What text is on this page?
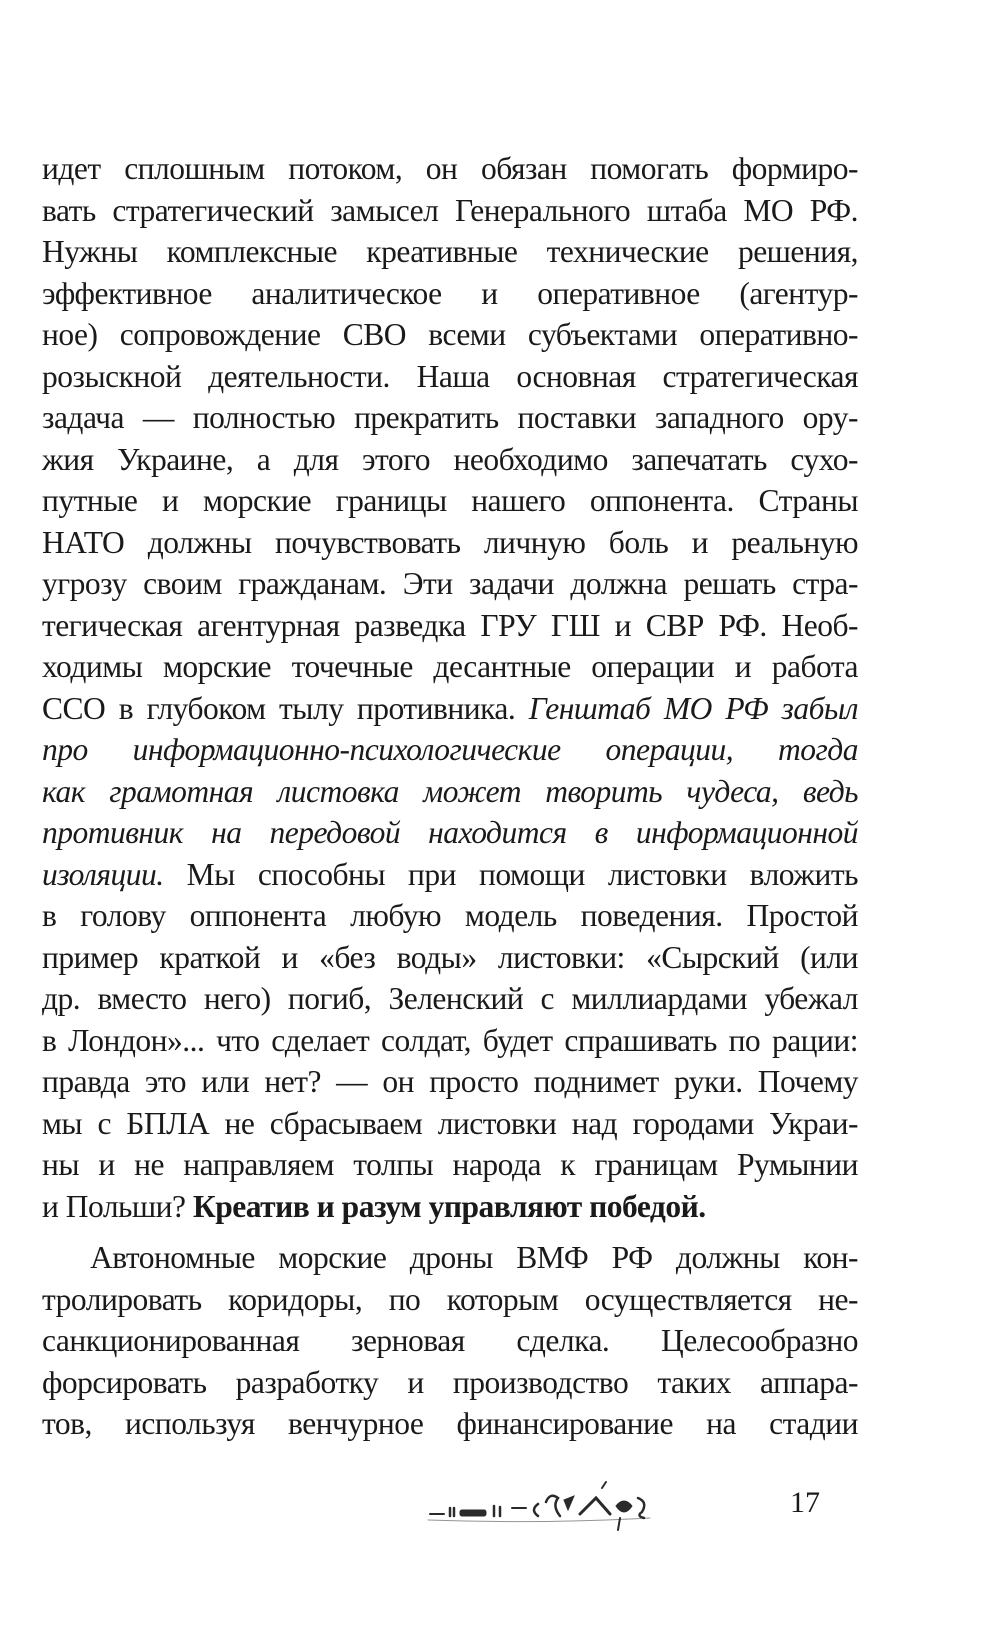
идет сплошным потоком, он обязан помогать формиро-
вать стратегический замысел Генерального штаба МО РФ.
Нужны комплексные креативные технические решения,
эффективное аналитическое и оперативное (агентур-
ное) сопровождение СВО всеми субъектами оперативно-
розыскной деятельности. Наша основная стратегическая
задача — полностью прекратить поставки западного ору-
жия Украине, а для этого необходимо запечатать сухо-
путные и морские границы нашего оппонента. Страны
НАТО должны почувствовать личную боль и реальную
угрозу своим гражданам. Эти задачи должна решать стра-
тегическая агентурная разведка ГРУ ГШ и СВР РФ. Необ-
ходимы морские точечные десантные операции и работа
ССО в глубоком тылу противника. Генштаб МО РФ забыл
про информационно-психологические операции, тогда
как грамотная листовка может творить чудеса, ведь
противник на передовой находится в информационной
изоляции. Мы способны при помощи листовки вложить
в голову оппонента любую модель поведения. Простой
пример краткой и «без воды» листовки: «Сырский (или
др. вместо него) погиб, Зеленский с миллиардами убежал
в Лондон»... что сделает солдат, будет спрашивать по рации:
правда это или нет? — он просто поднимет руки. Почему
мы с БПЛА не сбрасываем листовки над городами Украи-
ны и не направляем толпы народа к границам Румынии
и Польши? Креатив и разум управляют победой.
Автономные морские дроны ВМФ РФ должны кон-
тролировать коридоры, по которым осуществляется не-
санкционированная зерновая сделка. Целесообразно
форсировать разработку и производство таких аппара-
тов, используя венчурное финансирование на стадии
17
